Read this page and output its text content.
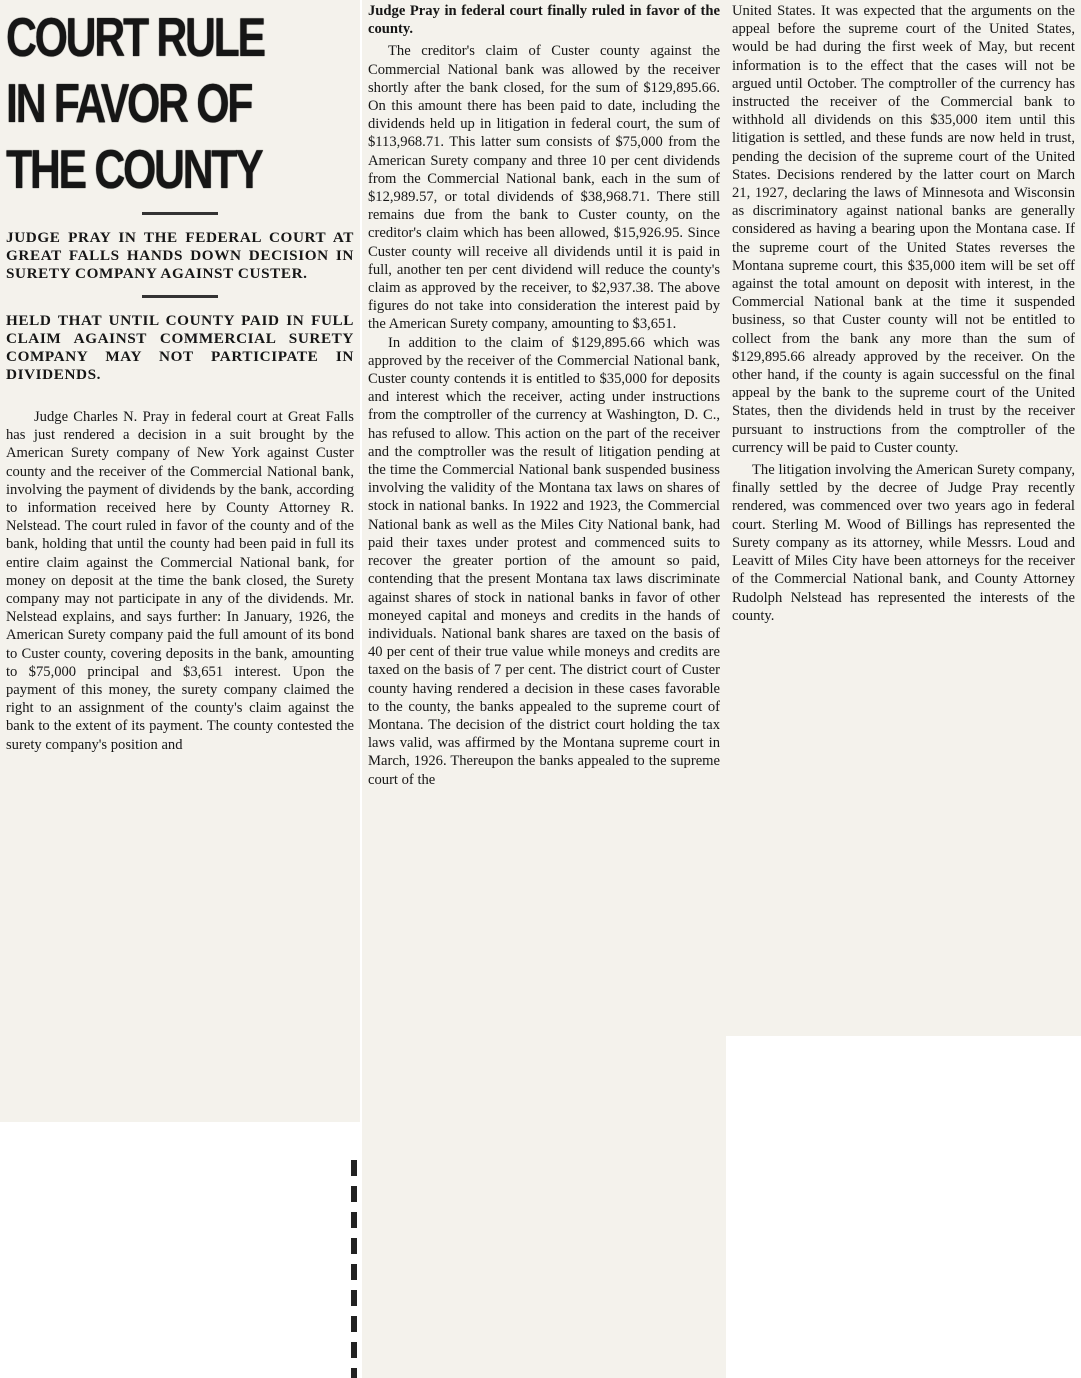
COURT RULE
IN FAVOR OF
THE COUNTY

JUDGE PRAY IN THE FEDERAL COURT AT GREAT FALLS HANDS DOWN DECISION IN SURETY COMPANY AGAINST CUSTER.

HELD THAT UNTIL COUNTY PAID IN FULL CLAIM AGAINST COMMERCIAL SURETY COMPANY MAY NOT PARTICIPATE IN DIVIDENDS.

Judge Charles N. Pray in federal court at Great Falls has just rendered a decision in a suit brought by the American Surety company of New York against Custer county and the receiver of the Commercial National bank, involving the payment of dividends by the bank, according to information received here by County Attorney R. Nelstead. The court ruled in favor of the county and of the bank, holding that until the county had been paid in full its entire claim against the Commercial National bank, for money on deposit at the time the bank closed, the Surety company may not participate in any of the dividends. Mr. Nelstead explains, and says further: In January, 1926, the American Surety company paid the full amount of its bond to Custer county, covering deposits in the bank, amounting to $75,000 principal and $3,651 interest. Upon the payment of this money, the surety company claimed the right to an assignment of the county's claim against the bank to the extent of its payment. The county contested the surety company's position and

Judge Pray in federal court finally ruled in favor of the county.

The creditor's claim of Custer county against the Commercial National bank was allowed by the receiver shortly after the bank closed, for the sum of $129,895.66. On this amount there has been paid to date, including the dividends held up in litigation in federal court, the sum of $113,968.71. This latter sum consists of $75,000 from the American Surety company and three 10 per cent dividends from the Commercial National bank, each in the sum of $12,989.57, or total dividends of $38,968.71. There still remains due from the bank to Custer county, on the creditor's claim which has been allowed, $15,926.95. Since Custer county will receive all dividends until it is paid in full, another ten per cent dividend will reduce the county's claim as approved by the receiver, to $2,937.38. The above figures do not take into consideration the interest paid by the American Surety company, amounting to $3,651.

In addition to the claim of $129,895.66 which was approved by the receiver of the Commercial National bank, Custer county contends it is entitled to $35,000 for deposits and interest which the receiver, acting under instructions from the comptroller of the currency at Washington, D. C., has refused to allow. This action on the part of the receiver and the comptroller was the result of litigation pending at the time the Commercial National bank suspended business involving the validity of the Montana tax laws on shares of stock in national banks. In 1922 and 1923, the Commercial National bank as well as the Miles City National bank, had paid their taxes under protest and commenced suits to recover the greater portion of the amount so paid, contending that the present Montana tax laws discriminate against shares of stock in national banks in favor of other moneyed capital and moneys and credits in the hands of individuals. National bank shares are taxed on the basis of 40 per cent of their true value while moneys and credits are taxed on the basis of 7 per cent. The district court of Custer county having rendered a decision in these cases favorable to the county, the banks appealed to the supreme court of Montana. The decision of the district court holding the tax laws valid, was affirmed by the Montana supreme court in March, 1926. Thereupon the banks appealed to the supreme court of the

United States. It was expected that the arguments on the appeal before the supreme court of the United States, would be had during the first week of May, but recent information is to the effect that the cases will not be argued until October. The comptroller of the currency has instructed the receiver of the Commercial bank to withhold all dividends on this $35,000 item until this litigation is settled, and these funds are now held in trust, pending the decision of the supreme court of the United States. Decisions rendered by the latter court on March 21, 1927, declaring the laws of Minnesota and Wisconsin as discriminatory against national banks are generally considered as having a bearing upon the Montana case. If the supreme court of the United States reverses the Montana supreme court, this $35,000 item will be set off against the total amount on deposit with interest, in the Commercial National bank at the time it suspended business, so that Custer county will not be entitled to collect from the bank any more than the sum of $129,895.66 already approved by the receiver. On the other hand, if the county is again successful on the final appeal by the bank to the supreme court of the United States, then the dividends held in trust by the receiver pursuant to instructions from the comptroller of the currency will be paid to Custer county.

The litigation involving the American Surety company, finally settled by the decree of Judge Pray recently rendered, was commenced over two years ago in federal court. Sterling M. Wood of Billings has represented the Surety company as its attorney, while Messrs. Loud and Leavitt of Miles City have been attorneys for the receiver of the Commercial National bank, and County Attorney Rudolph Nelstead has represented the interests of the county.
